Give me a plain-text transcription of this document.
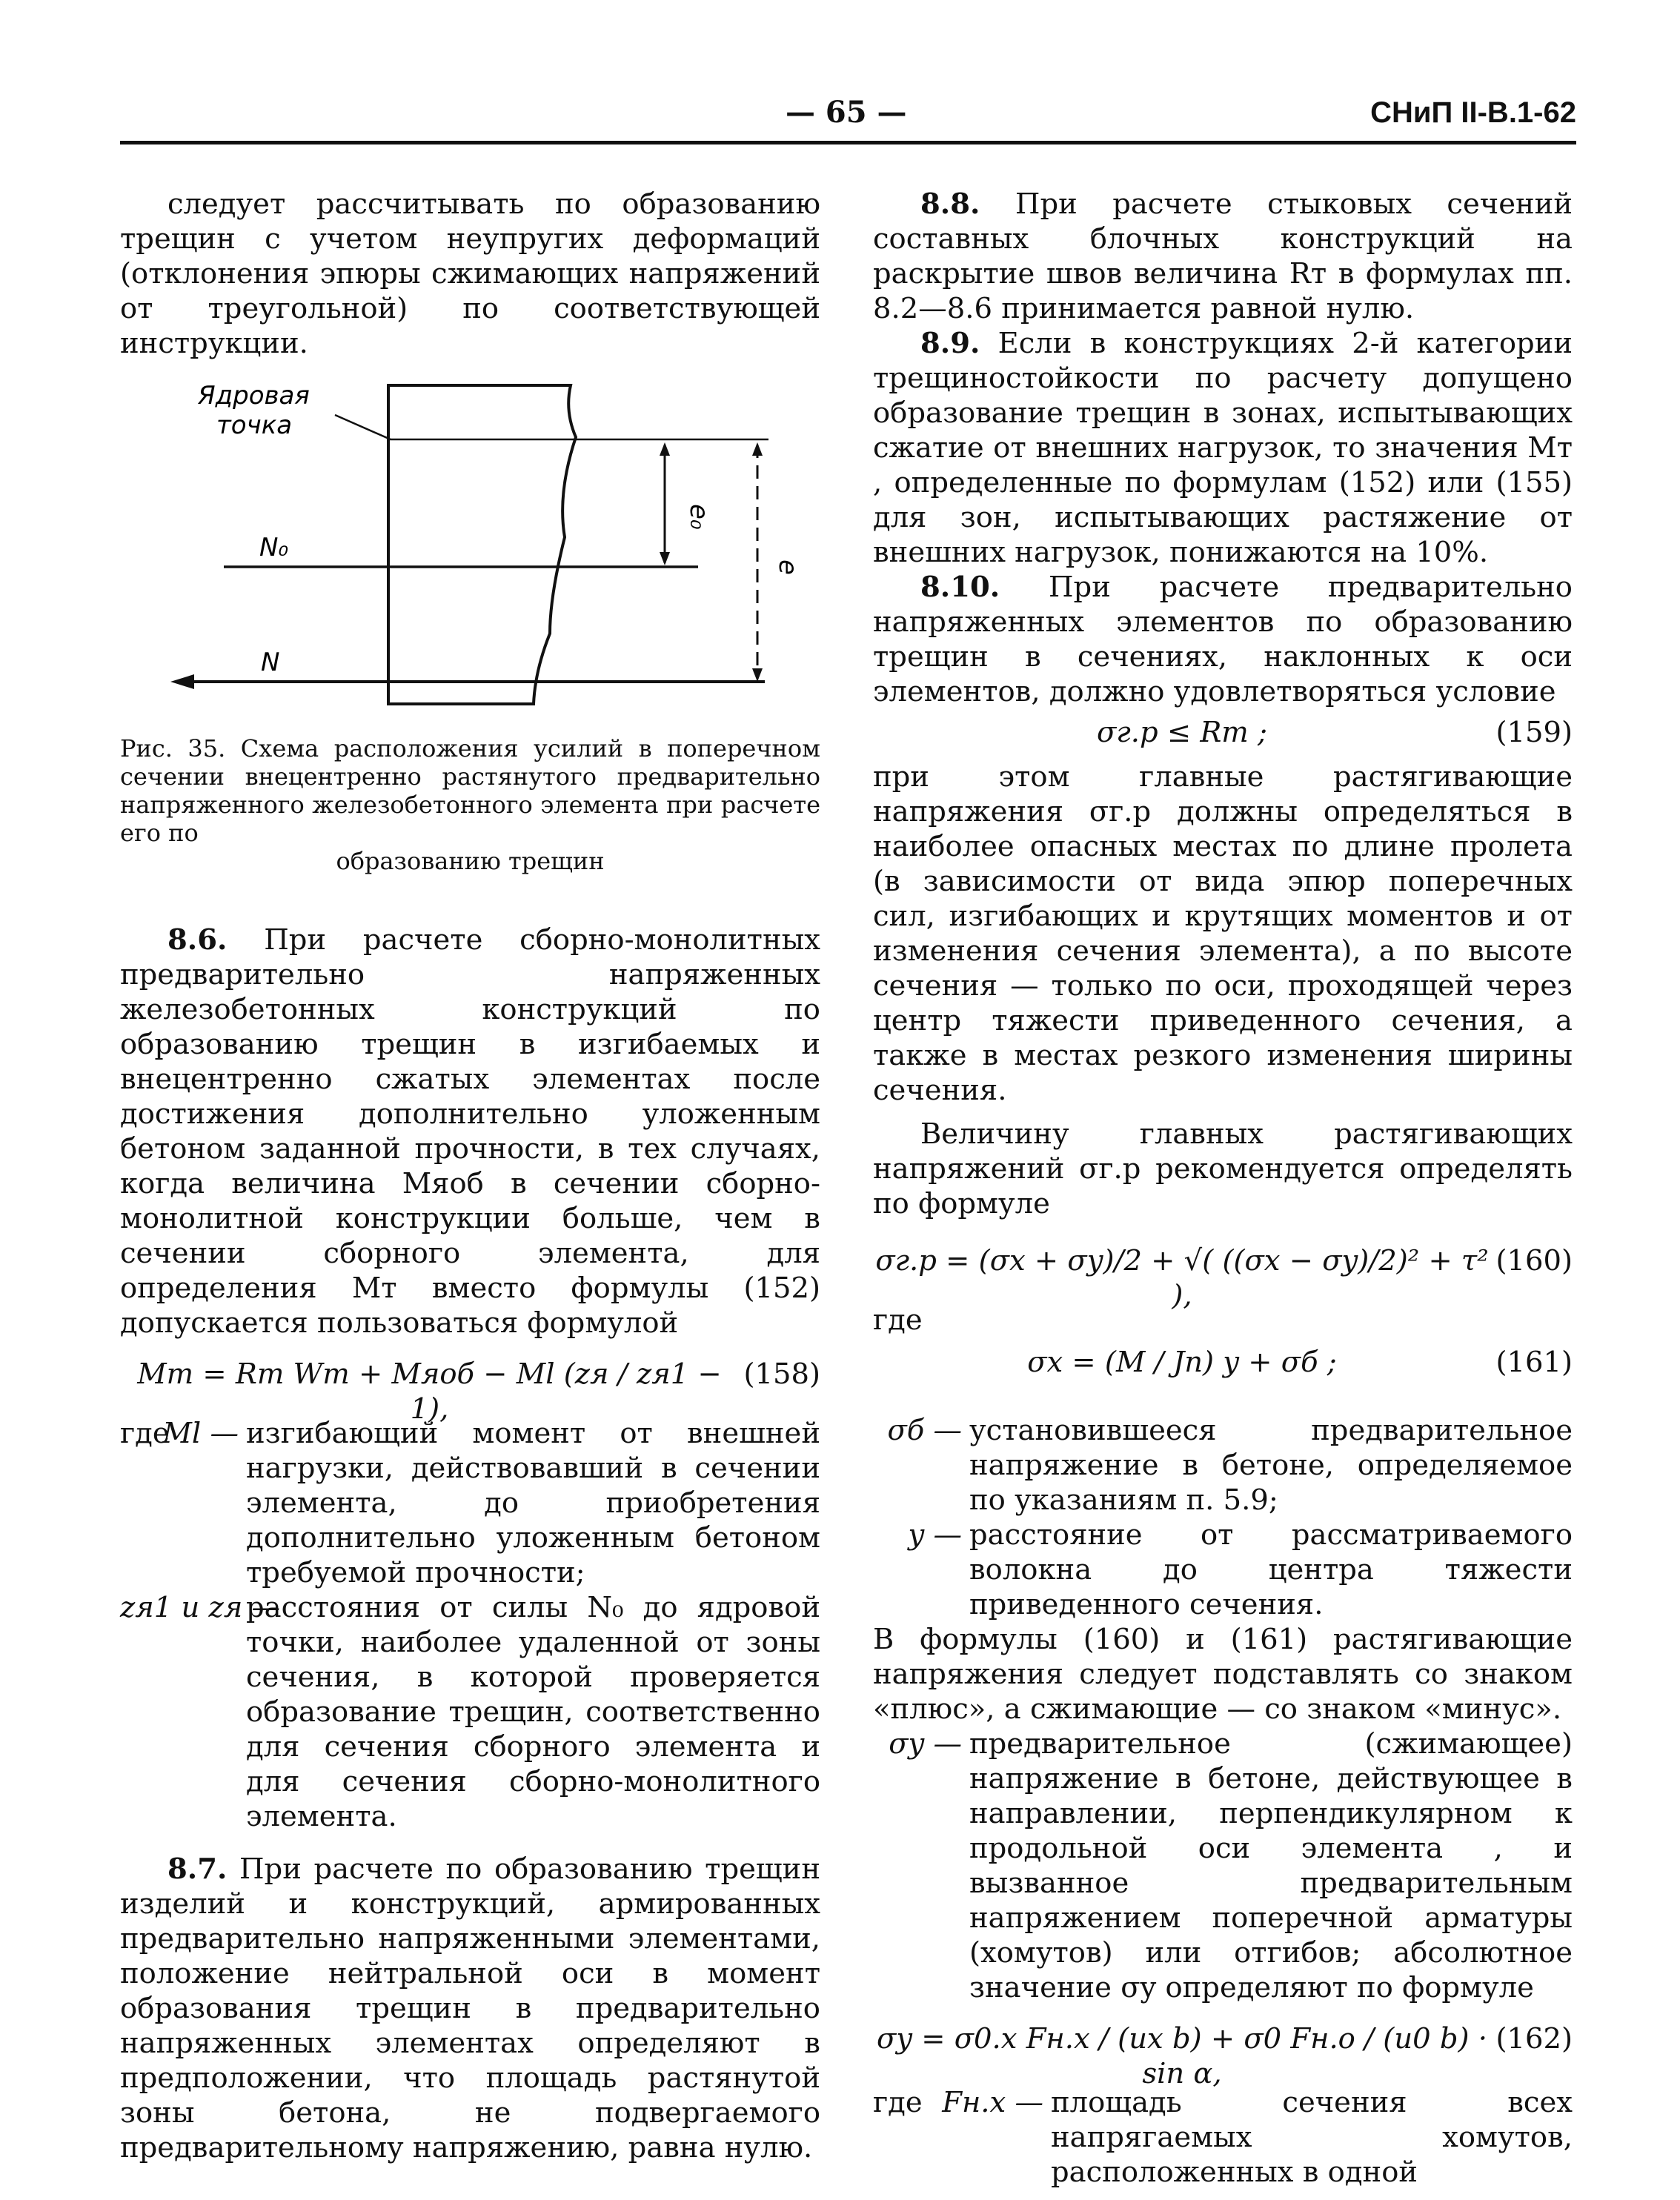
— 65 —	СНиП II-В.1-62

следует рассчитывать по образованию трещин с учетом неупругих деформаций (отклонения эпюры сжимающих напряжений от треугольной) по соответствующей инструкции.

Ядровая
точка
N₀
N
e₀
e

Рис. 35. Схема расположения усилий в поперечном сечении внецентренно растянутого предварительно напряженного железобетонного элемента при расчете его по

образованию трещин

8.6. При расчете сборно-монолитных предварительно напряженных железобетонных конструкций по образованию трещин в изгибаемых и внецентренно сжатых элементах после достижения дополнительно уложенным бетоном заданной прочности, в тех случаях, когда величина Mяоб в сечении сборно-монолитной конструкции больше, чем в сечении сборного элемента, для определения Mт вместо формулы (152) допускается пользоваться формулой

Mт = Rт Wт + Mяоб − Ml (zя / zя1 − 1),
(158)
где
Ml — изгибающий момент от внешней нагрузки, действовавший в сечении элемента, до приобретения дополнительно уложенным бетоном требуемой прочности;
zя1 и zя —
расстояния от силы N₀ до ядровой точки, наиболее удаленной от зоны сечения, в которой проверяется образование трещин, соответственно для сечения сборного элемента и для сечения сборно-монолитного элемента.

8.7. При расчете по образованию трещин изделий и конструкций, армированных предварительно напряженными элементами, положение нейтральной оси в момент образования трещин в предварительно напряженных элементах определяют в предположении, что площадь растянутой зоны бетона, не подвергаемого предварительному напряжению, равна нулю.

8.8. При расчете стыковых сечений составных блочных конструкций на раскрытие швов величина Rт в формулах пп. 8.2—8.6 принимается равной нулю.

8.9. Если в конструкциях 2-й категории трещиностойкости по расчету допущено образование трещин в зонах, испытывающих сжатие от внешних нагрузок, то значения Mт , определенные по формулам (152) или (155) для зон, испытывающих растяжение от внешних нагрузок, понижаются на 10%.

8.10. При расчете предварительно напряженных элементов по образованию трещин в сечениях, наклонных к оси элементов, должно удовлетворяться условие

σг.р ≤ Rт ;	(159)

при этом главные растягивающие напряжения σг.р должны определяться в наиболее опасных местах по длине пролета (в зависимости от вида эпюр поперечных сил, изгибающих и крутящих моментов и от изменения сечения элемента), а по высоте сечения — только по оси, проходящей через центр тяжести приведенного сечения, а также в местах резкого изменения ширины сечения.

Величину главных растягивающих напряжений σг.р рекомендуется определять по формуле

σг.р = (σx + σy)/2 + √( ((σx − σy)/2)² + τ² ),
(160)
где
σx = (M / Jп) y + σб ;	(161)
σб — установившееся предварительное напряжение в бетоне, определяемое по указаниям п. 5.9;
y — расстояние от рассматриваемого волокна до центра тяжести приведенного сечения.

В формулы (160) и (161) растягивающие напряжения следует подставлять со знаком «плюс», а сжимающие — со знаком «минус».

σy — предварительное (сжимающее) напряжение в бетоне, действующее в направлении, перпендикулярном к продольной оси элемента , и вызванное предварительным напряжением поперечной арматуры (хомутов) или отгибов; абсолютное значение σy определяют по формуле
σy = σ0.x Fн.х / (uх b) + σ0 Fн.о / (u0 b) · sin α,
(162)
где Fн.х — площадь сечения всех напрягаемых хомутов, расположенных в одной
